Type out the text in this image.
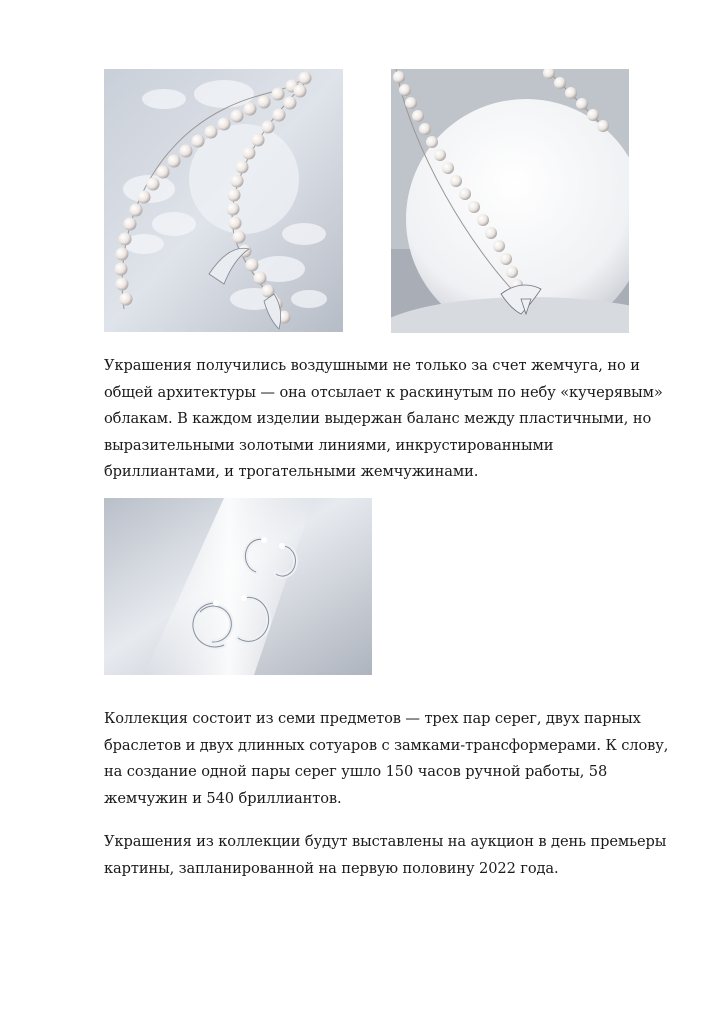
Украшения получились воздушными не только за счет жемчуга, но и
общей архитектуры — она отсылает к раскинутым по небу «кучерявым»
облакам. В каждом изделии выдержан баланс между пластичными, но
выразительными золотыми линиями, инкрустированными
бриллиантами, и трогательными жемчужинами.

Коллекция состоит из семи предметов — трех пар серег, двух парных
браслетов и двух длинных сотуаров с замками-трансформерами. К слову,
на создание одной пары серег ушло 150 часов ручной работы, 58
жемчужин и 540 бриллиантов.

Украшения из коллекции будут выставлены на аукцион в день премьеры
картины, запланированной на первую половину 2022 года.
